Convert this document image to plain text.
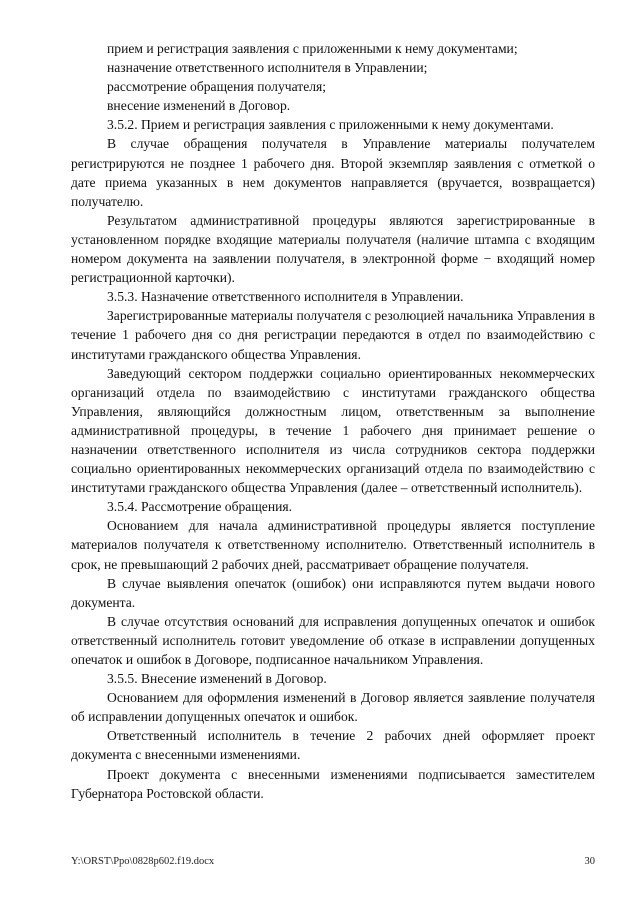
прием и регистрация заявления с приложенными к нему документами;

назначение ответственного исполнителя в Управлении;

рассмотрение обращения получателя;

внесение изменений в Договор.

3.5.2. Прием и регистрация заявления с приложенными к нему документами.

В случае обращения получателя в Управление материалы получателем регистрируются не позднее 1 рабочего дня. Второй экземпляр заявления с отметкой о дате приема указанных в нем документов направляется (вручается, возвращается) получателю.

Результатом административной процедуры являются зарегистрированные в установленном порядке входящие материалы получателя (наличие штампа с входящим номером документа на заявлении получателя, в электронной форме − входящий номер регистрационной карточки).

3.5.3. Назначение ответственного исполнителя в Управлении.

Зарегистрированные материалы получателя с резолюцией начальника Управления в течение 1 рабочего дня со дня регистрации передаются в отдел по взаимодействию с институтами гражданского общества Управления.

Заведующий сектором поддержки социально ориентированных некоммерческих организаций отдела по взаимодействию с институтами гражданского общества Управления, являющийся должностным лицом, ответственным за выполнение административной процедуры, в течение 1 рабочего дня принимает решение о назначении ответственного исполнителя из числа сотрудников сектора поддержки социально ориентированных некоммерческих организаций отдела по взаимодействию с институтами гражданского общества Управления (далее – ответственный исполнитель).

3.5.4. Рассмотрение обращения.

Основанием для начала административной процедуры является поступление материалов получателя к ответственному исполнителю. Ответственный исполнитель в срок, не превышающий 2 рабочих дней, рассматривает обращение получателя.

В случае выявления опечаток (ошибок) они исправляются путем выдачи нового документа.

В случае отсутствия оснований для исправления допущенных опечаток и ошибок ответственный исполнитель готовит уведомление об отказе в исправлении допущенных опечаток и ошибок в Договоре, подписанное начальником Управления.

3.5.5. Внесение изменений в Договор.

Основанием для оформления изменений в Договор является заявление получателя об исправлении допущенных опечаток и ошибок.

Ответственный исполнитель в течение 2 рабочих дней оформляет проект документа с внесенными изменениями.

Проект документа с внесенными изменениями подписывается заместителем Губернатора Ростовской области.

Y:\ORST\Ppo\0828p602.f19.docx	30
